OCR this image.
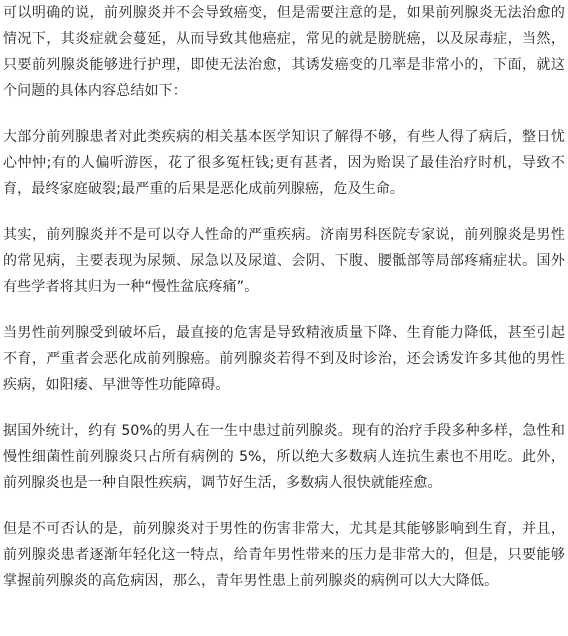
可以明确的说，前列腺炎并不会导致癌变，但是需要注意的是，如果前列腺炎无法治愈的情况下，其炎症就会蔓延，从而导致其他癌症，常见的就是膀胱癌，以及尿毒症，当然，只要前列腺炎能够进行护理，即使无法治愈，其诱发癌变的几率是非常小的，下面，就这个问题的具体内容总结如下：

大部分前列腺患者对此类疾病的相关基本医学知识了解得不够，有些人得了病后，整日忧心忡忡;有的人偏听游医，花了很多冤枉钱;更有甚者，因为贻误了最佳治疗时机，导致不育，最终家庭破裂;最严重的后果是恶化成前列腺癌，危及生命。

其实，前列腺炎并不是可以夺人性命的严重疾病。济南男科医院专家说，前列腺炎是男性的常见病，主要表现为尿频、尿急以及尿道、会阴、下腹、腰骶部等局部疼痛症状。国外有些学者将其归为一种“慢性盆底疼痛”。

当男性前列腺受到破坏后，最直接的危害是导致精液质量下降、生育能力降低，甚至引起不育，严重者会恶化成前列腺癌。前列腺炎若得不到及时诊治，还会诱发许多其他的男性疾病，如阳痿、早泄等性功能障碍。

据国外统计，约有 50%的男人在一生中患过前列腺炎。现有的治疗手段多种多样，急性和慢性细菌性前列腺炎只占所有病例的 5%，所以绝大多数病人连抗生素也不用吃。此外，前列腺炎也是一种自限性疾病，调节好生活，多数病人很快就能痊愈。

但是不可否认的是，前列腺炎对于男性的伤害非常大，尤其是其能够影响到生育，并且，前列腺炎患者逐渐年轻化这一特点，给青年男性带来的压力是非常大的，但是，只要能够掌握前列腺炎的高危病因，那么，青年男性患上前列腺炎的病例可以大大降低。
